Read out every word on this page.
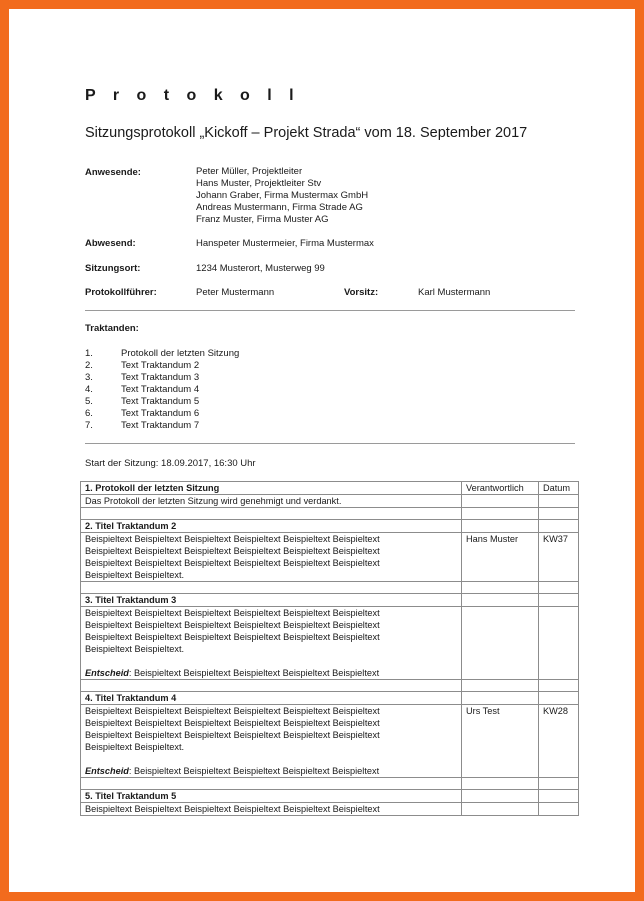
P r o t o k o l l
Sitzungsprotokoll „Kickoff – Projekt Strada“ vom 18. September 2017
Anwesende:	Peter Müller, Projektleiter
Hans Muster, Projektleiter Stv
Johann Graber, Firma Mustermax GmbH
Andreas Mustermann, Firma Strade AG
Franz Muster, Firma Muster AG
Abwesend:	Hanspeter Mustermeier, Firma Mustermax
Sitzungsort:	1234 Musterort, Musterweg 99
Protokollführer:	Peter Mustermann	Vorsitz:	Karl Mustermann
Traktanden:
1.	Protokoll der letzten Sitzung
2.	Text Traktandum 2
3.	Text Traktandum 3
4.	Text Traktandum 4
5.	Text Traktandum 5
6.	Text Traktandum 6
7.	Text Traktandum 7
Start der Sitzung: 18.09.2017, 16:30 Uhr
1. Protokoll der letzten Sitzung	Verantwortlich	Datum

Das Protokoll der letzten Sitzung wird genehmigt und verdankt.		

2. Titel Traktandum 2		

Beispieltext Beispieltext Beispieltext Beispieltext Beispieltext Beispieltext
Beispieltext Beispieltext Beispieltext Beispieltext Beispieltext Beispieltext
Beispieltext Beispieltext Beispieltext Beispieltext Beispieltext Beispieltext
Beispieltext Beispieltext.	Hans Muster	KW37

3. Titel Traktandum 3		

Beispieltext Beispieltext Beispieltext Beispieltext Beispieltext Beispieltext
Beispieltext Beispieltext Beispieltext Beispieltext Beispieltext Beispieltext
Beispieltext Beispieltext Beispieltext Beispieltext Beispieltext Beispieltext
Beispieltext Beispieltext.
Entscheid: Beispieltext Beispieltext Beispieltext Beispieltext Beispieltext		

4. Titel Traktandum 4		

Beispieltext Beispieltext Beispieltext Beispieltext Beispieltext Beispieltext
Beispieltext Beispieltext Beispieltext Beispieltext Beispieltext Beispieltext
Beispieltext Beispieltext Beispieltext Beispieltext Beispieltext Beispieltext
Beispieltext Beispieltext.
Entscheid: Beispieltext Beispieltext Beispieltext Beispieltext Beispieltext	Urs Test	KW28

5. Titel Traktandum 5		

Beispieltext Beispieltext Beispieltext Beispieltext Beispieltext Beispieltext		
